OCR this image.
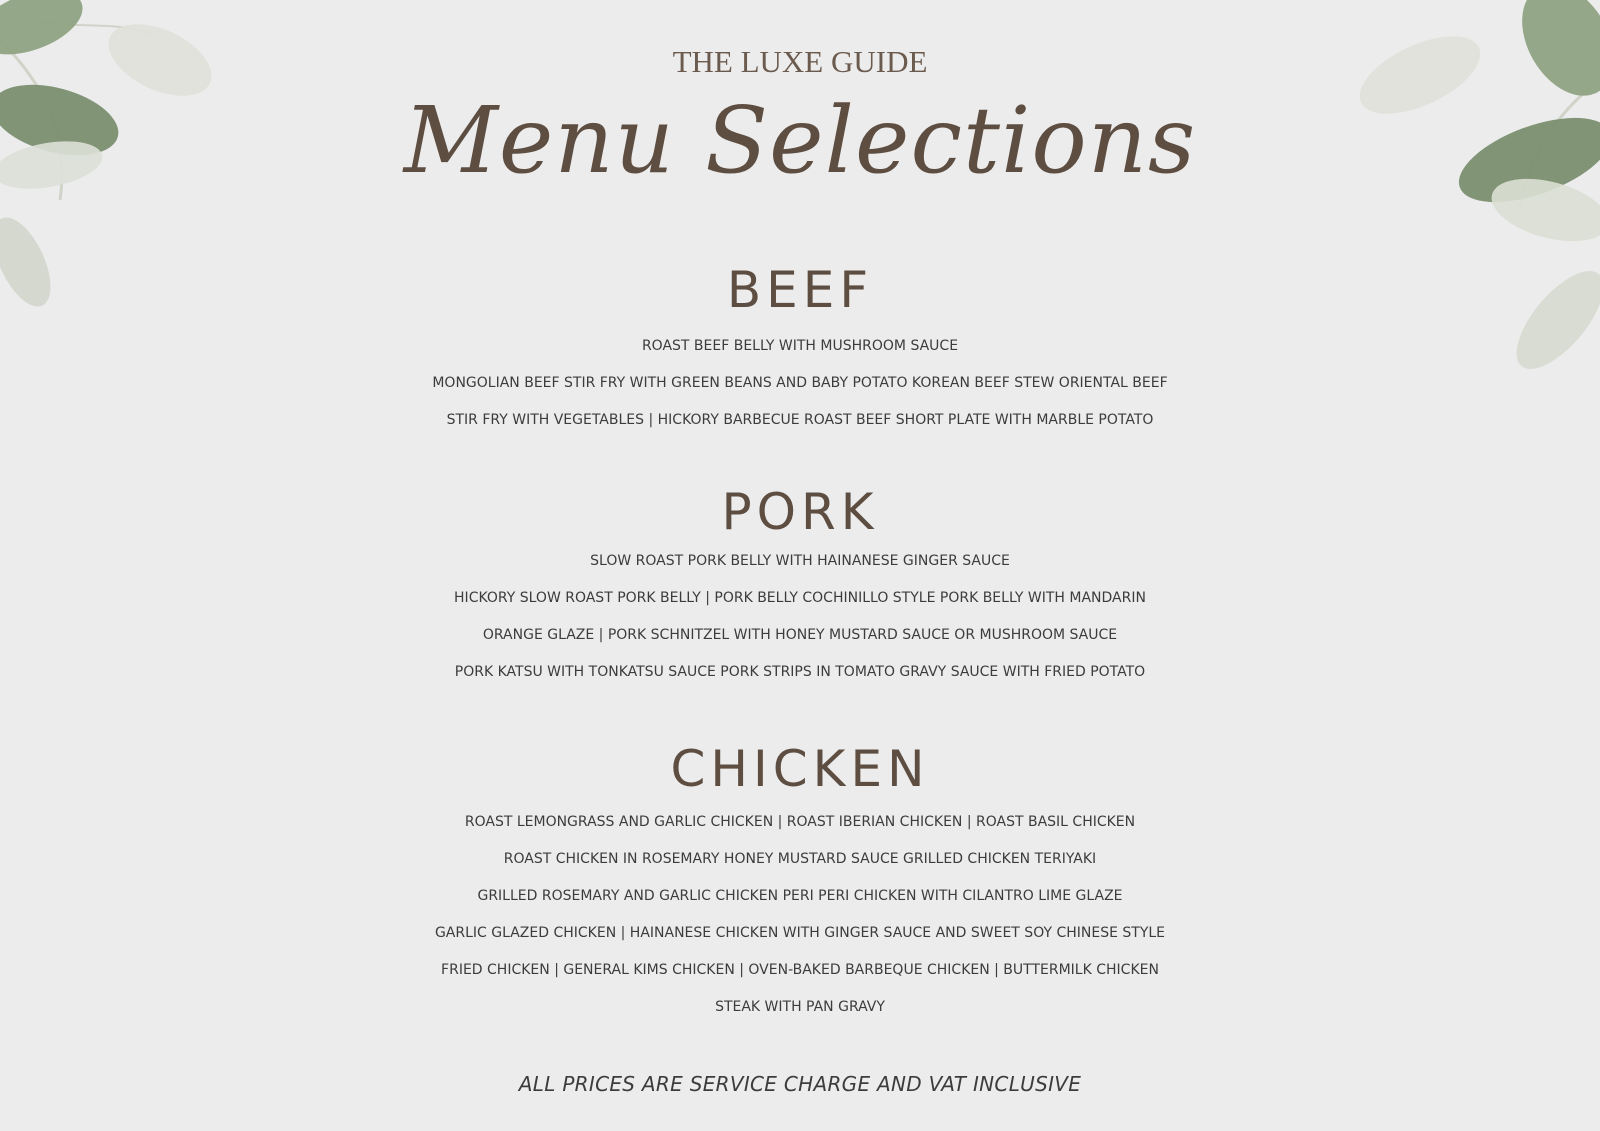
THE LUXE GUIDE
Menu Selections
BEEF
ROAST BEEF BELLY WITH MUSHROOM SAUCE
MONGOLIAN BEEF STIR FRY WITH GREEN BEANS AND BABY POTATO KOREAN BEEF STEW ORIENTAL BEEF
STIR FRY WITH VEGETABLES | HICKORY BARBECUE ROAST BEEF SHORT PLATE WITH MARBLE POTATO
PORK
SLOW ROAST PORK BELLY WITH HAINANESE GINGER SAUCE
HICKORY SLOW ROAST PORK BELLY | PORK BELLY COCHINILLO STYLE PORK BELLY WITH MANDARIN
ORANGE GLAZE | PORK SCHNITZEL WITH HONEY MUSTARD SAUCE OR MUSHROOM SAUCE
PORK KATSU WITH TONKATSU SAUCE PORK STRIPS IN TOMATO GRAVY SAUCE WITH FRIED POTATO
CHICKEN
ROAST LEMONGRASS AND GARLIC CHICKEN | ROAST IBERIAN CHICKEN | ROAST BASIL CHICKEN
ROAST CHICKEN IN ROSEMARY HONEY MUSTARD SAUCE GRILLED CHICKEN TERIYAKI
GRILLED ROSEMARY AND GARLIC CHICKEN PERI PERI CHICKEN WITH CILANTRO LIME GLAZE
GARLIC GLAZED CHICKEN | HAINANESE CHICKEN WITH GINGER SAUCE AND SWEET SOY CHINESE STYLE
FRIED CHICKEN | GENERAL KIMS CHICKEN | OVEN-BAKED BARBEQUE CHICKEN | BUTTERMILK CHICKEN
STEAK WITH PAN GRAVY
ALL PRICES ARE SERVICE CHARGE AND VAT INCLUSIVE
